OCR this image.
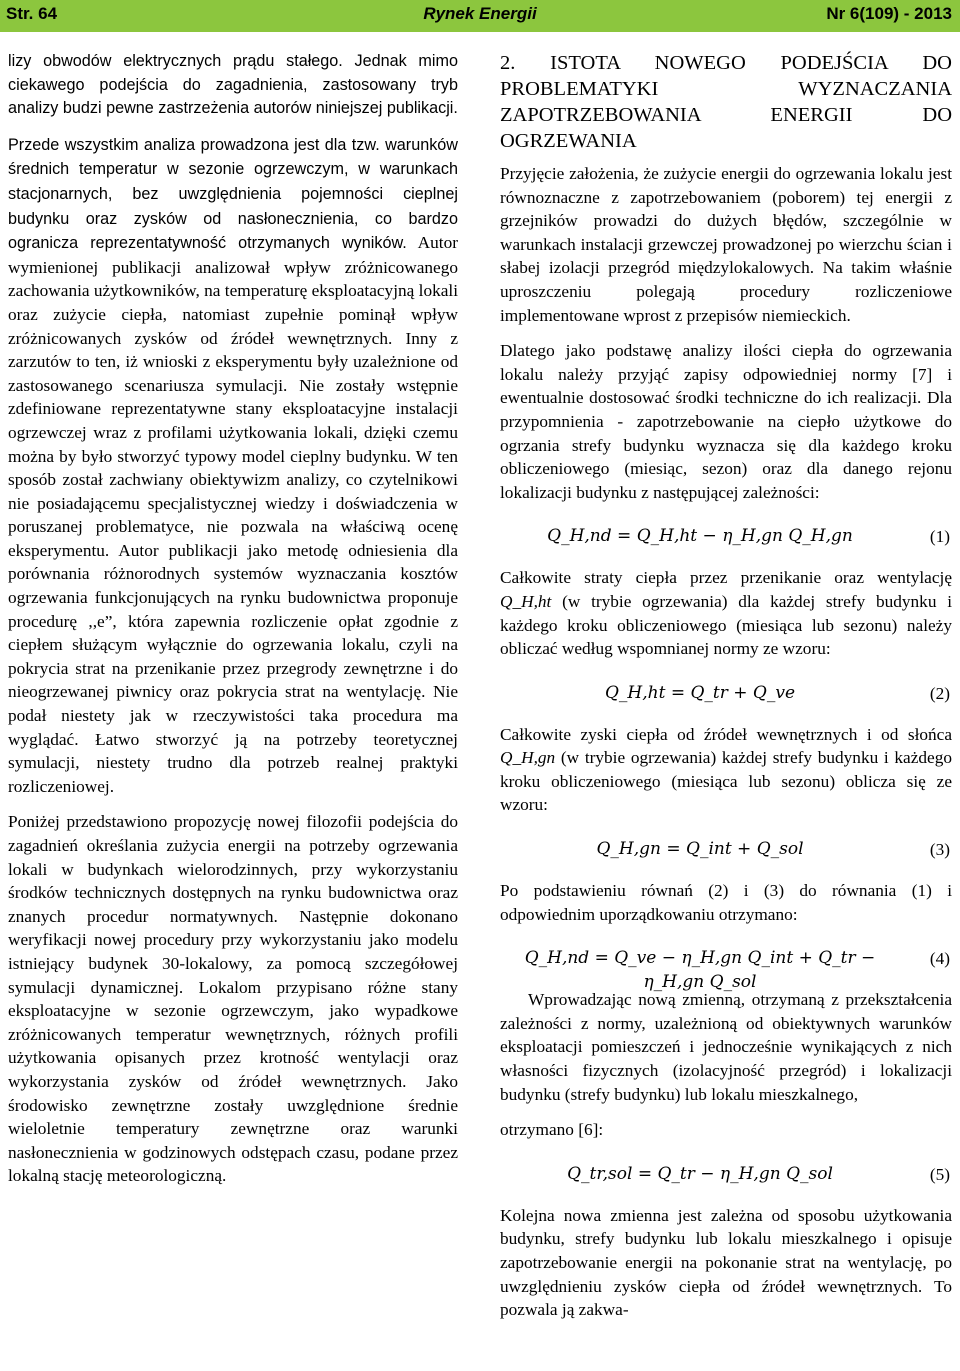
Str. 64	Rynek Energii	Nr 6(109) - 2013

lizy obwodów elektrycznych prądu stałego. Jednak mimo ciekawego podejścia do zagadnienia, zastosowany tryb analizy budzi pewne zastrzeżenia autorów niniejszej publikacji.

Przede wszystkim analiza prowadzona jest dla tzw. warunków średnich temperatur w sezonie ogrzewczym, w warunkach stacjonarnych, bez uwzględnienia pojemności cieplnej budynku oraz zysków od nasłonecznienia, co bardzo ogranicza reprezentatywność otrzymanych wyników. Autor wymienionej publikacji analizował wpływ zróżnicowanego zachowania użytkowników, na temperaturę eksploatacyjną lokali oraz zużycie ciepła, natomiast zupełnie pominął wpływ zróżnicowanych zysków od źródeł wewnętrznych. Inny z zarzutów to ten, iż wnioski z eksperymentu były uzależnione od zastosowanego scenariusza symulacji. Nie zostały wstępnie zdefiniowane reprezentatywne stany eksploatacyjne instalacji ogrzewczej wraz z profilami użytkowania lokali, dzięki czemu można by było stworzyć typowy model cieplny budynku. W ten sposób został zachwiany obiektywizm analizy, co czytelnikowi nie posiadającemu specjalistycznej wiedzy i doświadczenia w poruszanej problematyce, nie pozwala na właściwą ocenę eksperymentu. Autor publikacji jako metodę odniesienia dla porównania różnorodnych systemów wyznaczania kosztów ogrzewania funkcjonujących na rynku budownictwa proponuje procedurę ,,e”, która zapewnia rozliczenie opłat zgodnie z ciepłem służącym wyłącznie do ogrzewania lokalu, czyli na pokrycia strat na przenikanie przez przegrody zewnętrzne i do nieogrzewanej piwnicy oraz pokrycia strat na wentylację. Nie podał niestety jak w rzeczywistości taka procedura ma wyglądać. Łatwo stworzyć ją na potrzeby teoretycznej symulacji, niestety trudno dla potrzeb realnej praktyki rozliczeniowej.

Poniżej przedstawiono propozycję nowej filozofii podejścia do zagadnień określania zużycia energii na potrzeby ogrzewania lokali w budynkach wielorodzinnych, przy wykorzystaniu środków technicznych dostępnych na rynku budownictwa oraz znanych procedur normatywnych. Następnie dokonano weryfikacji nowej procedury przy wykorzystaniu jako modelu istniejący budynek 30-lokalowy, za pomocą szczegółowej symulacji dynamicznej. Lokalom przypisano różne stany eksploatacyjne w sezonie ogrzewczym, jako wypadkowe zróżnicowanych temperatur wewnętrznych, różnych profili użytkowania opisanych przez krotność wentylacji oraz wykorzystania zysków od źródeł wewnętrznych. Jako środowisko zewnętrzne zostały uwzględnione średnie wieloletnie temperatury zewnętrzne oraz warunki nasłonecznienia w godzinowych odstępach czasu, podane przez lokalną stację meteorologiczną.

2. ISTOTA NOWEGO PODEJŚCIA DO PROBLEMATYKI WYZNACZANIA ZAPOTRZEBOWANIA ENERGII DO OGRZEWANIA

Przyjęcie założenia, że zużycie energii do ogrzewania lokalu jest równoznaczne z zapotrzebowaniem (poborem) tej energii z grzejników prowadzi do dużych błędów, szczególnie w warunkach instalacji grzewczej prowadzonej po wierzchu ścian i słabej izolacji przegród międzylokalowych. Na takim właśnie uproszczeniu polegają procedury rozliczeniowe implementowane wprost z przepisów niemieckich.

Dlatego jako podstawę analizy ilości ciepła do ogrzewania lokalu należy przyjąć zapisy odpowiedniej normy [7] i ewentualnie dostosować środki techniczne do ich realizacji. Dla przypomnienia - zapotrzebowanie na ciepło użytkowe do ogrzania strefy budynku wyznacza się dla każdego kroku obliczeniowego (miesiąc, sezon) oraz dla danego rejonu lokalizacji budynku z następującej zależności:

Q_H,nd = Q_H,ht − η_H,gn Q_H,gn	(1)

Całkowite straty ciepła przez przenikanie oraz wentylację Q_H,ht (w trybie ogrzewania) dla każdej strefy budynku i każdego kroku obliczeniowego (miesiąca lub sezonu) należy obliczać według wspomnianej normy ze wzoru:

Q_H,ht = Q_tr + Q_ve	(2)

Całkowite zyski ciepła od źródeł wewnętrznych i od słońca Q_H,gn (w trybie ogrzewania) każdej strefy budynku i każdego kroku obliczeniowego (miesiąca lub sezonu) oblicza się ze wzoru:

Q_H,gn = Q_int + Q_sol	(3)

Po podstawieniu równań (2) i (3) do równania (1) i odpowiednim uporządkowaniu otrzymano:

Q_H,nd = Q_ve − η_H,gn Q_int + Q_tr − η_H,gn Q_sol
(4)

Wprowadzając nową zmienną, otrzymaną z przekształcenia zależności z normy, uzależnioną od obiektywnych warunków eksploatacji pomieszczeń i jednocześnie wynikających z nich własności fizycznych (izolacyjność przegród) i lokalizacji budynku (strefy budynku) lub lokalu mieszkalnego,

otrzymano [6]:

Q_tr,sol = Q_tr − η_H,gn Q_sol	(5)

Kolejna nowa zmienna jest zależna od sposobu użytkowania budynku, strefy budynku lub lokalu mieszkalnego i opisuje zapotrzebowanie energii na pokonanie strat na wentylację, po uwzględnieniu zysków ciepła od źródeł wewnętrznych. To pozwala ją zakwa-
